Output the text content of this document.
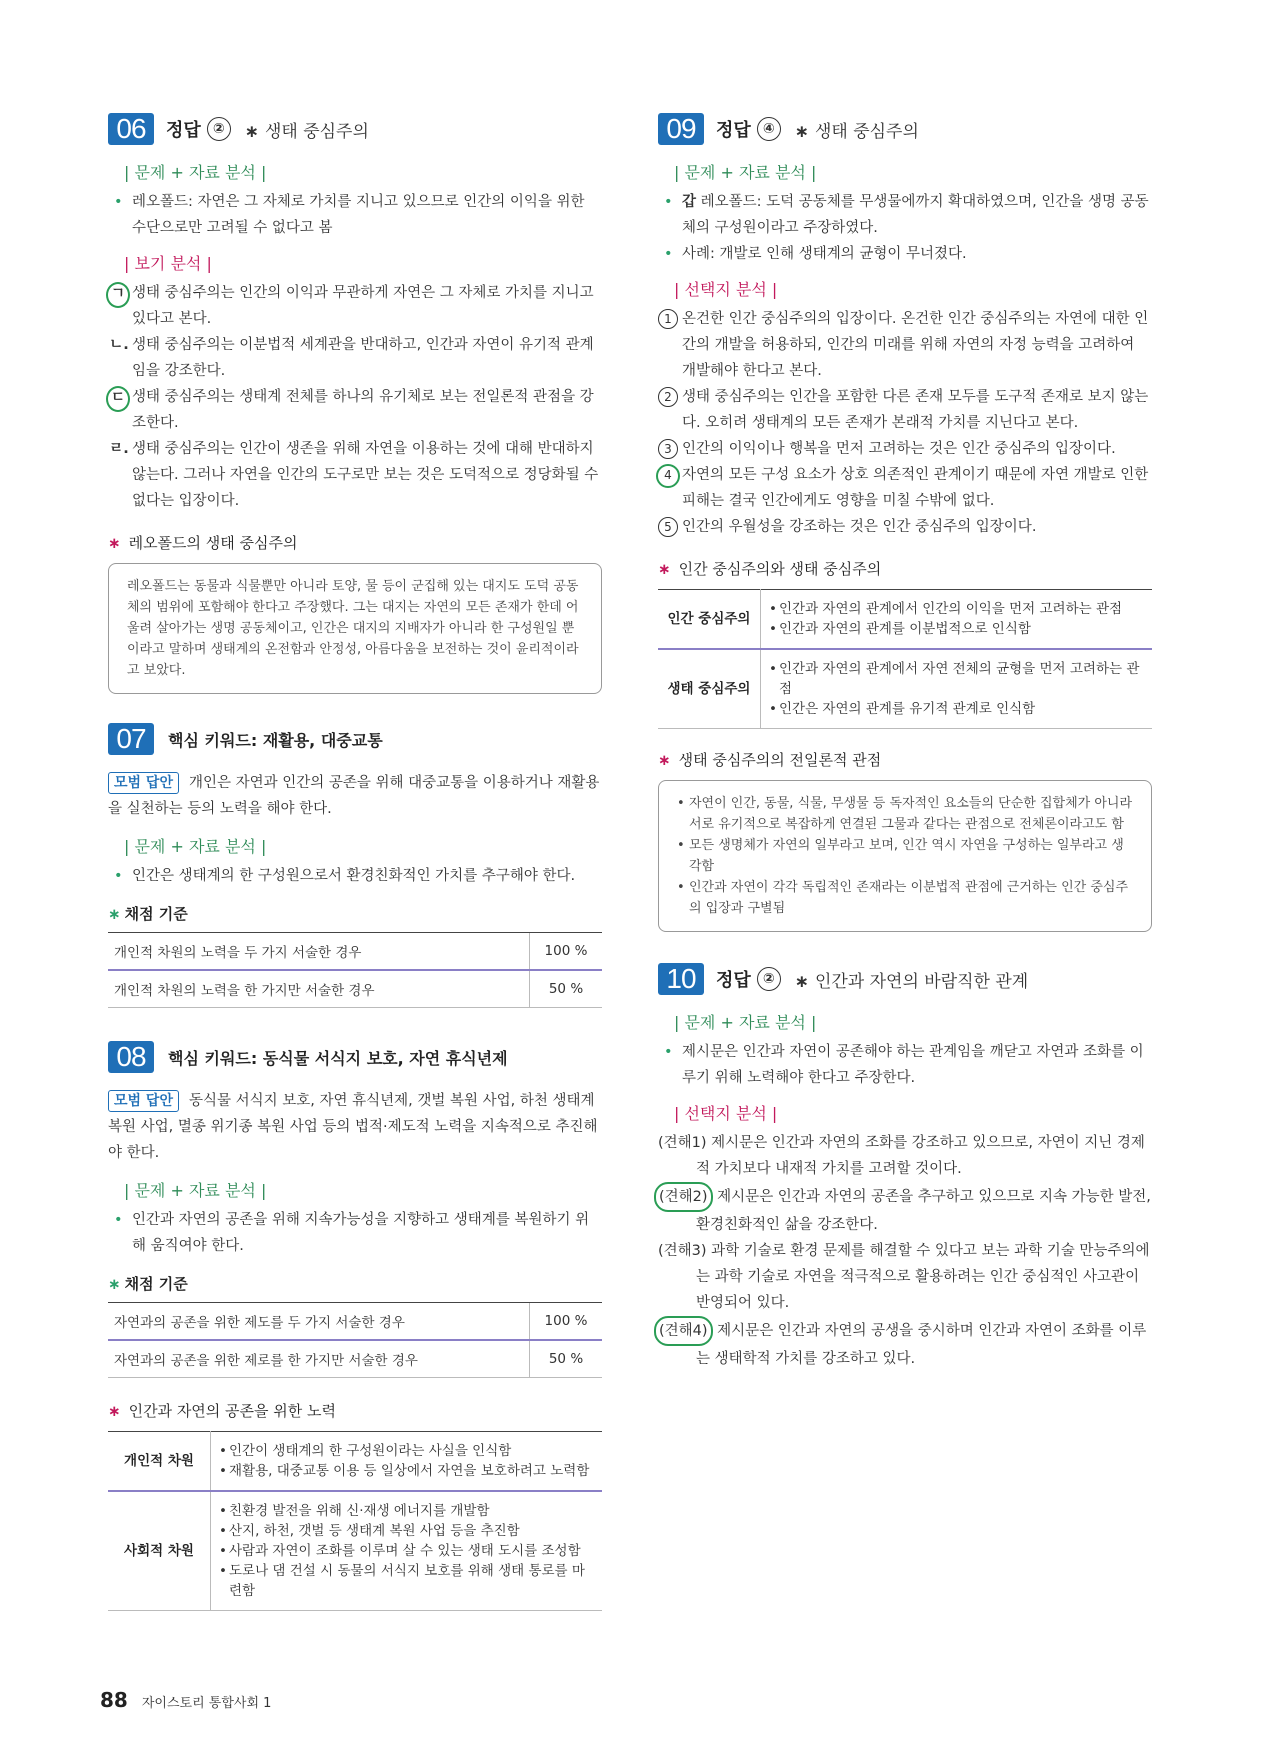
06	정답 ②	∗ 생태 중심주의
| 문제 + 자료 분석 |
• 레오폴드: 자연은 그 자체로 가치를 지니고 있으므로 인간의 이익을 위한 수단으로만 고려될 수 없다고 봄
| 보기 분석 |
ㄱ 생태 중심주의는 인간의 이익과 무관하게 자연은 그 자체로 가치를 지니고 있다고 본다.
ㄴ. 생태 중심주의는 이분법적 세계관을 반대하고, 인간과 자연이 유기적 관계임을 강조한다.
ㄷ 생태 중심주의는 생태계 전체를 하나의 유기체로 보는 전일론적 관점을 강조한다.
ㄹ. 생태 중심주의는 인간이 생존을 위해 자연을 이용하는 것에 대해 반대하지 않는다. 그러나 자연을 인간의 도구로만 보는 것은 도덕적으로 정당화될 수 없다는 입장이다.
∗ 레오폴드의 생태 중심주의
레오폴드는 동물과 식물뿐만 아니라 토양, 물 등이 군집해 있는 대지도 도덕 공동체의 범위에 포함해야 한다고 주장했다. 그는 대지는 자연의 모든 존재가 한데 어울려 살아가는 생명 공동체이고, 인간은 대지의 지배자가 아니라 한 구성원일 뿐이라고 말하며 생태계의 온전함과 안정성, 아름다움을 보전하는 것이 윤리적이라고 보았다.
07	핵심 키워드: 재활용, 대중교통
모범 답안 개인은 자연과 인간의 공존을 위해 대중교통을 이용하거나 재활용을 실천하는 등의 노력을 해야 한다.
| 문제 + 자료 분석 |
• 인간은 생태계의 한 구성원으로서 환경친화적인 가치를 추구해야 한다.
∗ 채점 기준
개인적 차원의 노력을 두 가지 서술한 경우	100 %
개인적 차원의 노력을 한 가지만 서술한 경우	50 %
08	핵심 키워드: 동식물 서식지 보호, 자연 휴식년제
모범 답안 동식물 서식지 보호, 자연 휴식년제, 갯벌 복원 사업, 하천 생태계 복원 사업, 멸종 위기종 복원 사업 등의 법적·제도적 노력을 지속적으로 추진해야 한다.
| 문제 + 자료 분석 |
• 인간과 자연의 공존을 위해 지속가능성을 지향하고 생태계를 복원하기 위해 움직여야 한다.
∗ 채점 기준
자연과의 공존을 위한 제도를 두 가지 서술한 경우	100 %
자연과의 공존을 위한 제로를 한 가지만 서술한 경우	50 %
∗ 인간과 자연의 공존을 위한 노력
개인적 차원	• 인간이 생태계의 한 구성원이라는 사실을 인식함
• 재활용, 대중교통 이용 등 일상에서 자연을 보호하려고 노력함

사회적 차원	• 친환경 발전을 위해 신·재생 에너지를 개발함
• 산지, 하천, 갯벌 등 생태계 복원 사업 등을 추진함
• 사람과 자연이 조화를 이루며 살 수 있는 생태 도시를 조성함
• 도로나 댐 건설 시 동물의 서식지 보호를 위해 생태 통로를 마련함
09	정답 ④	∗ 생태 중심주의
| 문제 + 자료 분석 |
• 갑 레오폴드: 도덕 공동체를 무생물에까지 확대하였으며, 인간을 생명 공동체의 구성원이라고 주장하였다.
• 사례: 개발로 인해 생태계의 균형이 무너졌다.
| 선택지 분석 |
1 온건한 인간 중심주의의 입장이다. 온건한 인간 중심주의는 자연에 대한 인간의 개발을 허용하되, 인간의 미래를 위해 자연의 자정 능력을 고려하여 개발해야 한다고 본다.
2 생태 중심주의는 인간을 포함한 다른 존재 모두를 도구적 존재로 보지 않는다. 오히려 생태계의 모든 존재가 본래적 가치를 지닌다고 본다.
3 인간의 이익이나 행복을 먼저 고려하는 것은 인간 중심주의 입장이다.
4 자연의 모든 구성 요소가 상호 의존적인 관계이기 때문에 자연 개발로 인한 피해는 결국 인간에게도 영향을 미칠 수밖에 없다.
5 인간의 우월성을 강조하는 것은 인간 중심주의 입장이다.
∗ 인간 중심주의와 생태 중심주의
인간 중심주의	• 인간과 자연의 관계에서 인간의 이익을 먼저 고려하는 관점
• 인간과 자연의 관계를 이분법적으로 인식함

생태 중심주의	• 인간과 자연의 관계에서 자연 전체의 균형을 먼저 고려하는 관점
• 인간은 자연의 관계를 유기적 관계로 인식함
∗ 생태 중심주의의 전일론적 관점
• 자연이 인간, 동물, 식물, 무생물 등 독자적인 요소들의 단순한 집합체가 아니라 서로 유기적으로 복잡하게 연결된 그물과 같다는 관점으로 전체론이라고도 함
• 모든 생명체가 자연의 일부라고 보며, 인간 역시 자연을 구성하는 일부라고 생각함
• 인간과 자연이 각각 독립적인 존재라는 이분법적 관점에 근거하는 인간 중심주의 입장과 구별됨
10	정답 ②	∗ 인간과 자연의 바람직한 관계
| 문제 + 자료 분석 |
• 제시문은 인간과 자연이 공존해야 하는 관계임을 깨닫고 자연과 조화를 이루기 위해 노력해야 한다고 주장한다.
| 선택지 분석 |
(견해1) 제시문은 인간과 자연의 조화를 강조하고 있으므로, 자연이 지닌 경제적 가치보다 내재적 가치를 고려할 것이다.
(견해2) 제시문은 인간과 자연의 공존을 추구하고 있으므로 지속 가능한 발전, 환경친화적인 삶을 강조한다.
(견해3) 과학 기술로 환경 문제를 해결할 수 있다고 보는 과학 기술 만능주의에는 과학 기술로 자연을 적극적으로 활용하려는 인간 중심적인 사고관이 반영되어 있다.
(견해4) 제시문은 인간과 자연의 공생을 중시하며 인간과 자연이 조화를 이루는 생태학적 가치를 강조하고 있다.
88 자이스토리 통합사회 1
